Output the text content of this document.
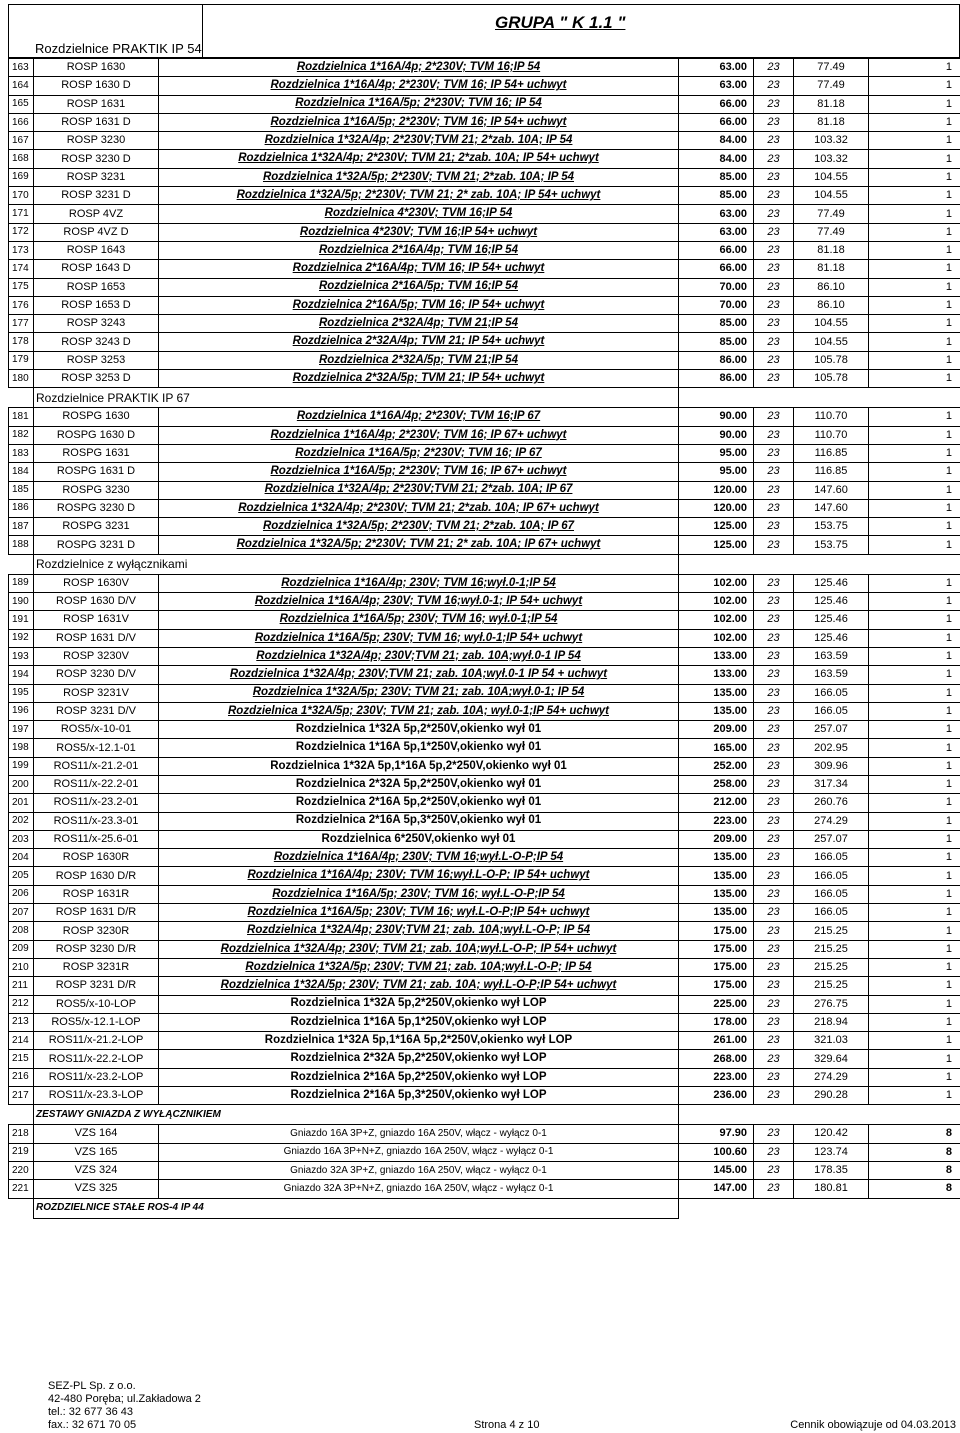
Rozdzielnice PRAKTIK IP 54
GRUPA " K 1.1 "
163	ROSP 1630	Rozdzielnica 1*16A/4p; 2*230V; TVM 16;IP 54	63.00	23	77.49	1
164	ROSP 1630 D	Rozdzielnica 1*16A/4p; 2*230V; TVM 16; IP 54+ uchwyt	63.00	23	77.49	1
165	ROSP 1631	Rozdzielnica 1*16A/5p; 2*230V; TVM 16; IP 54	66.00	23	81.18	1
166	ROSP 1631 D	Rozdzielnica 1*16A/5p; 2*230V; TVM 16; IP 54+ uchwyt	66.00	23	81.18	1
167	ROSP 3230	Rozdzielnica 1*32A/4p; 2*230V;TVM 21; 2*zab. 10A; IP 54	84.00	23	103.32	1
168	ROSP 3230 D	Rozdzielnica 1*32A/4p; 2*230V; TVM 21; 2*zab. 10A; IP 54+ uchwyt	84.00	23	103.32	1
169	ROSP 3231	Rozdzielnica 1*32A/5p; 2*230V; TVM 21; 2*zab. 10A; IP 54	85.00	23	104.55	1
170	ROSP 3231 D	Rozdzielnica 1*32A/5p; 2*230V; TVM 21; 2* zab. 10A; IP 54+ uchwyt	85.00	23	104.55	1
171	ROSP 4VZ	Rozdzielnica 4*230V; TVM 16;IP 54	63.00	23	77.49	1
172	ROSP 4VZ D	Rozdzielnica 4*230V; TVM 16;IP 54+ uchwyt	63.00	23	77.49	1
173	ROSP 1643	Rozdzielnica 2*16A/4p; TVM 16;IP 54	66.00	23	81.18	1
174	ROSP 1643 D	Rozdzielnica 2*16A/4p; TVM 16; IP 54+ uchwyt	66.00	23	81.18	1
175	ROSP 1653	Rozdzielnica 2*16A/5p; TVM 16;IP 54	70.00	23	86.10	1
176	ROSP 1653 D	Rozdzielnica 2*16A/5p; TVM 16; IP 54+ uchwyt	70.00	23	86.10	1
177	ROSP 3243	Rozdzielnica 2*32A/4p; TVM 21;IP 54	85.00	23	104.55	1
178	ROSP 3243 D	Rozdzielnica 2*32A/4p; TVM 21; IP 54+ uchwyt	85.00	23	104.55	1
179	ROSP 3253	Rozdzielnica 2*32A/5p; TVM 21;IP 54	86.00	23	105.78	1
180	ROSP 3253 D	Rozdzielnica 2*32A/5p; TVM 21; IP 54+ uchwyt	86.00	23	105.78	1
	Rozdzielnice PRAKTIK IP 67					
181	ROSPG 1630	Rozdzielnica 1*16A/4p; 2*230V; TVM 16;IP 67	90.00	23	110.70	1
182	ROSPG 1630 D	Rozdzielnica 1*16A/4p; 2*230V; TVM 16; IP 67+ uchwyt	90.00	23	110.70	1
183	ROSPG 1631	Rozdzielnica 1*16A/5p; 2*230V; TVM 16; IP 67	95.00	23	116.85	1
184	ROSPG 1631 D	Rozdzielnica 1*16A/5p; 2*230V; TVM 16; IP 67+ uchwyt	95.00	23	116.85	1
185	ROSPG 3230	Rozdzielnica 1*32A/4p; 2*230V;TVM 21; 2*zab. 10A; IP 67	120.00	23	147.60	1
186	ROSPG 3230 D	Rozdzielnica 1*32A/4p; 2*230V; TVM 21; 2*zab. 10A; IP 67+ uchwyt	120.00	23	147.60	1
187	ROSPG 3231	Rozdzielnica 1*32A/5p; 2*230V; TVM 21; 2*zab. 10A; IP 67	125.00	23	153.75	1
188	ROSPG 3231 D	Rozdzielnica 1*32A/5p; 2*230V; TVM 21; 2* zab. 10A; IP 67+ uchwyt	125.00	23	153.75	1
	Rozdzielnice z wyłącznikami					
189	ROSP 1630V	Rozdzielnica 1*16A/4p; 230V; TVM 16;wył.0-1;IP 54	102.00	23	125.46	1
190	ROSP 1630 D/V	Rozdzielnica 1*16A/4p; 230V; TVM 16;wył.0-1; IP 54+ uchwyt	102.00	23	125.46	1
191	ROSP 1631V	Rozdzielnica 1*16A/5p; 230V; TVM 16; wył.0-1;IP 54	102.00	23	125.46	1
192	ROSP 1631 D/V	Rozdzielnica 1*16A/5p; 230V; TVM 16; wył.0-1;IP 54+ uchwyt	102.00	23	125.46	1
193	ROSP 3230V	Rozdzielnica 1*32A/4p; 230V;TVM 21; zab. 10A;wył.0-1 IP 54	133.00	23	163.59	1
194	ROSP 3230 D/V	Rozdzielnica 1*32A/4p; 230V;TVM 21; zab. 10A;wył.0-1 IP 54 + uchwyt	133.00	23	163.59	1
195	ROSP 3231V	Rozdzielnica 1*32A/5p; 230V; TVM 21; zab. 10A;wył.0-1; IP 54	135.00	23	166.05	1
196	ROSP 3231 D/V	Rozdzielnica 1*32A/5p; 230V; TVM 21; zab. 10A; wył.0-1;IP 54+ uchwyt	135.00	23	166.05	1
197	ROS5/x-10-01	Rozdzielnica 1*32A 5p,2*250V,okienko wył 01	209.00	23	257.07	1
198	ROS5/x-12.1-01	Rozdzielnica 1*16A 5p,1*250V,okienko wył 01	165.00	23	202.95	1
199	ROS11/x-21.2-01	Rozdzielnica 1*32A 5p,1*16A 5p,2*250V,okienko wył 01	252.00	23	309.96	1
200	ROS11/x-22.2-01	Rozdzielnica 2*32A 5p,2*250V,okienko wył 01	258.00	23	317.34	1
201	ROS11/x-23.2-01	Rozdzielnica 2*16A 5p,2*250V,okienko wył 01	212.00	23	260.76	1
202	ROS11/x-23.3-01	Rozdzielnica 2*16A 5p,3*250V,okienko wył 01	223.00	23	274.29	1
203	ROS11/x-25.6-01	Rozdzielnica 6*250V,okienko wył 01	209.00	23	257.07	1
204	ROSP 1630R	Rozdzielnica 1*16A/4p; 230V; TVM 16;wył.L-O-P;IP 54	135.00	23	166.05	1
205	ROSP 1630 D/R	Rozdzielnica 1*16A/4p; 230V; TVM 16;wył.L-O-P; IP 54+ uchwyt	135.00	23	166.05	1
206	ROSP 1631R	Rozdzielnica 1*16A/5p; 230V; TVM 16; wył.L-O-P;IP 54	135.00	23	166.05	1
207	ROSP 1631 D/R	Rozdzielnica 1*16A/5p; 230V; TVM 16; wył.L-O-P;IP 54+ uchwyt	135.00	23	166.05	1
208	ROSP 3230R	Rozdzielnica 1*32A/4p; 230V;TVM 21; zab. 10A;wył.L-O-P; IP 54	175.00	23	215.25	1
209	ROSP 3230 D/R	Rozdzielnica 1*32A/4p; 230V; TVM 21; zab. 10A;wył.L-O-P; IP 54+ uchwyt	175.00	23	215.25	1
210	ROSP 3231R	Rozdzielnica 1*32A/5p; 230V; TVM 21; zab. 10A;wył.L-O-P; IP 54	175.00	23	215.25	1
211	ROSP 3231 D/R	Rozdzielnica 1*32A/5p; 230V; TVM 21; zab. 10A; wył.L-O-P;IP 54+ uchwyt	175.00	23	215.25	1
212	ROS5/x-10-LOP	Rozdzielnica 1*32A 5p,2*250V,okienko wył LOP	225.00	23	276.75	1
213	ROS5/x-12.1-LOP	Rozdzielnica 1*16A 5p,1*250V,okienko wył LOP	178.00	23	218.94	1
214	ROS11/x-21.2-LOP	Rozdzielnica 1*32A 5p,1*16A 5p,2*250V,okienko wył LOP	261.00	23	321.03	1
215	ROS11/x-22.2-LOP	Rozdzielnica 2*32A 5p,2*250V,okienko wył LOP	268.00	23	329.64	1
216	ROS11/x-23.2-LOP	Rozdzielnica 2*16A 5p,2*250V,okienko wył LOP	223.00	23	274.29	1
217	ROS11/x-23.3-LOP	Rozdzielnica 2*16A 5p,3*250V,okienko wył LOP	236.00	23	290.28	1
	ZESTAWY GNIAZDA Z WYŁĄCZNIKIEM					
218	VZS 164	Gniazdo 16A 3P+Z, gniazdo 16A 250V, włącz - wyłącz 0-1	97.90	23	120.42	8
219	VZS 165	Gniazdo 16A 3P+N+Z, gniazdo 16A 250V, włącz - wyłącz 0-1	100.60	23	123.74	8
220	VZS 324	Gniazdo 32A 3P+Z, gniazdo 16A 250V, włącz - wyłącz 0-1	145.00	23	178.35	8
221	VZS 325	Gniazdo 32A 3P+N+Z, gniazdo 16A 250V, włącz - wyłącz 0-1	147.00	23	180.81	8
	ROZDZIELNICE STAŁE ROS-4 IP 44					
SEZ-PL Sp. z o.o.
42-480 Poręba; ul.Zakładowa 2
tel.: 32 677 36 43
fax.: 32 671 70 05	Strona 4 z 10	Cennik obowiązuje od 04.03.2013
